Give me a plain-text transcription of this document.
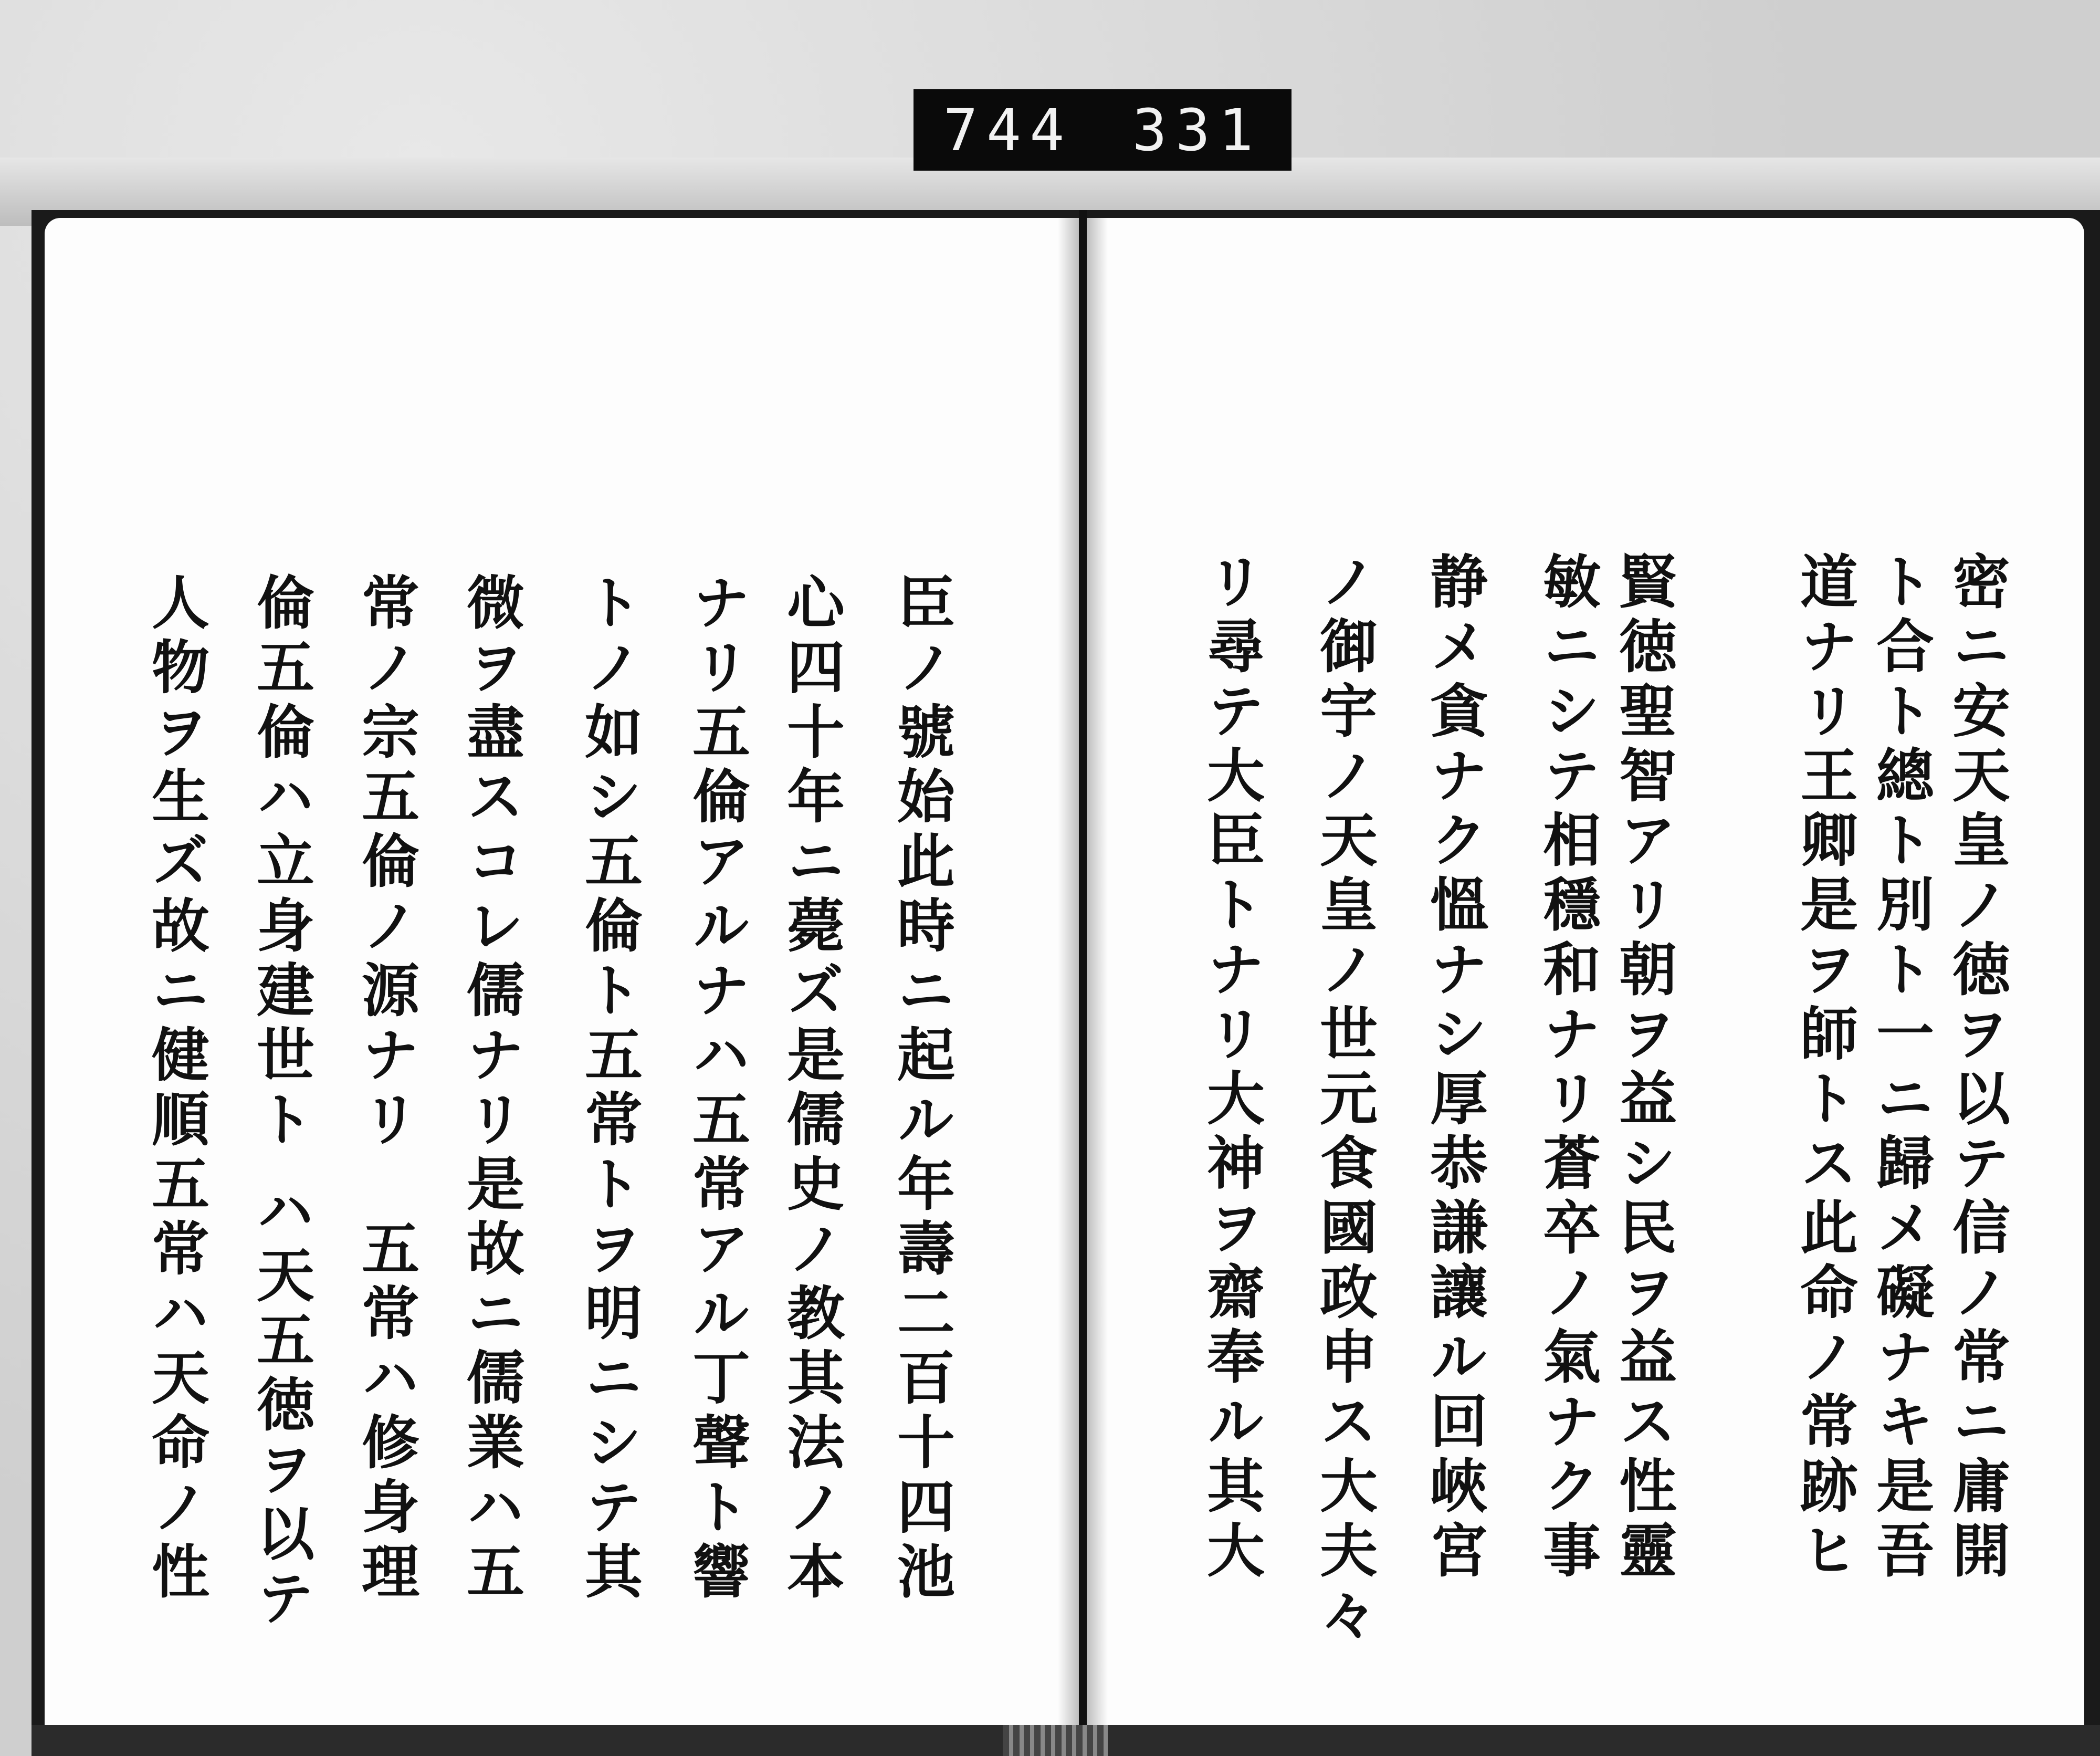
744 331
密ニ安天皇ノ徳ヲ以テ信ノ常ニ庸開
ト合ト總ト別ト一ニ歸メ礙ナキ是吾
道ナリ王卿是ヲ師トス此命ノ常跡ヒ
賢徳聖智アリ朝ヲ益シ民ヲ益ス性靈
敏ニシテ相穩和ナリ蒼卒ノ氣ナク事
静メ貪ナク慍ナシ厚恭謙讓ル回峽宮
ノ御宇ノ天皇ノ世元食國政申ス大夫々
リ尋テ大臣トナリ大神ヲ齋奉ル其大
臣ノ號始此時ニ起ル年壽二百十四池
心四十年ニ薨ズ是儒史ノ教其法ノ本
ナリ五倫アルナハ五常アル丁聲ト響
トノ如シ五倫ト五常トヲ明ニシテ其
微ヲ盡スコレ儒ナリ是故ニ儒業ハ五
常ノ宗五倫ノ源ナリ　五常ハ修身理
倫五倫ハ立身建世ト ハ天五徳ヲ以テ
人物ヲ生ズ故ニ健順五常ハ天命ノ性
